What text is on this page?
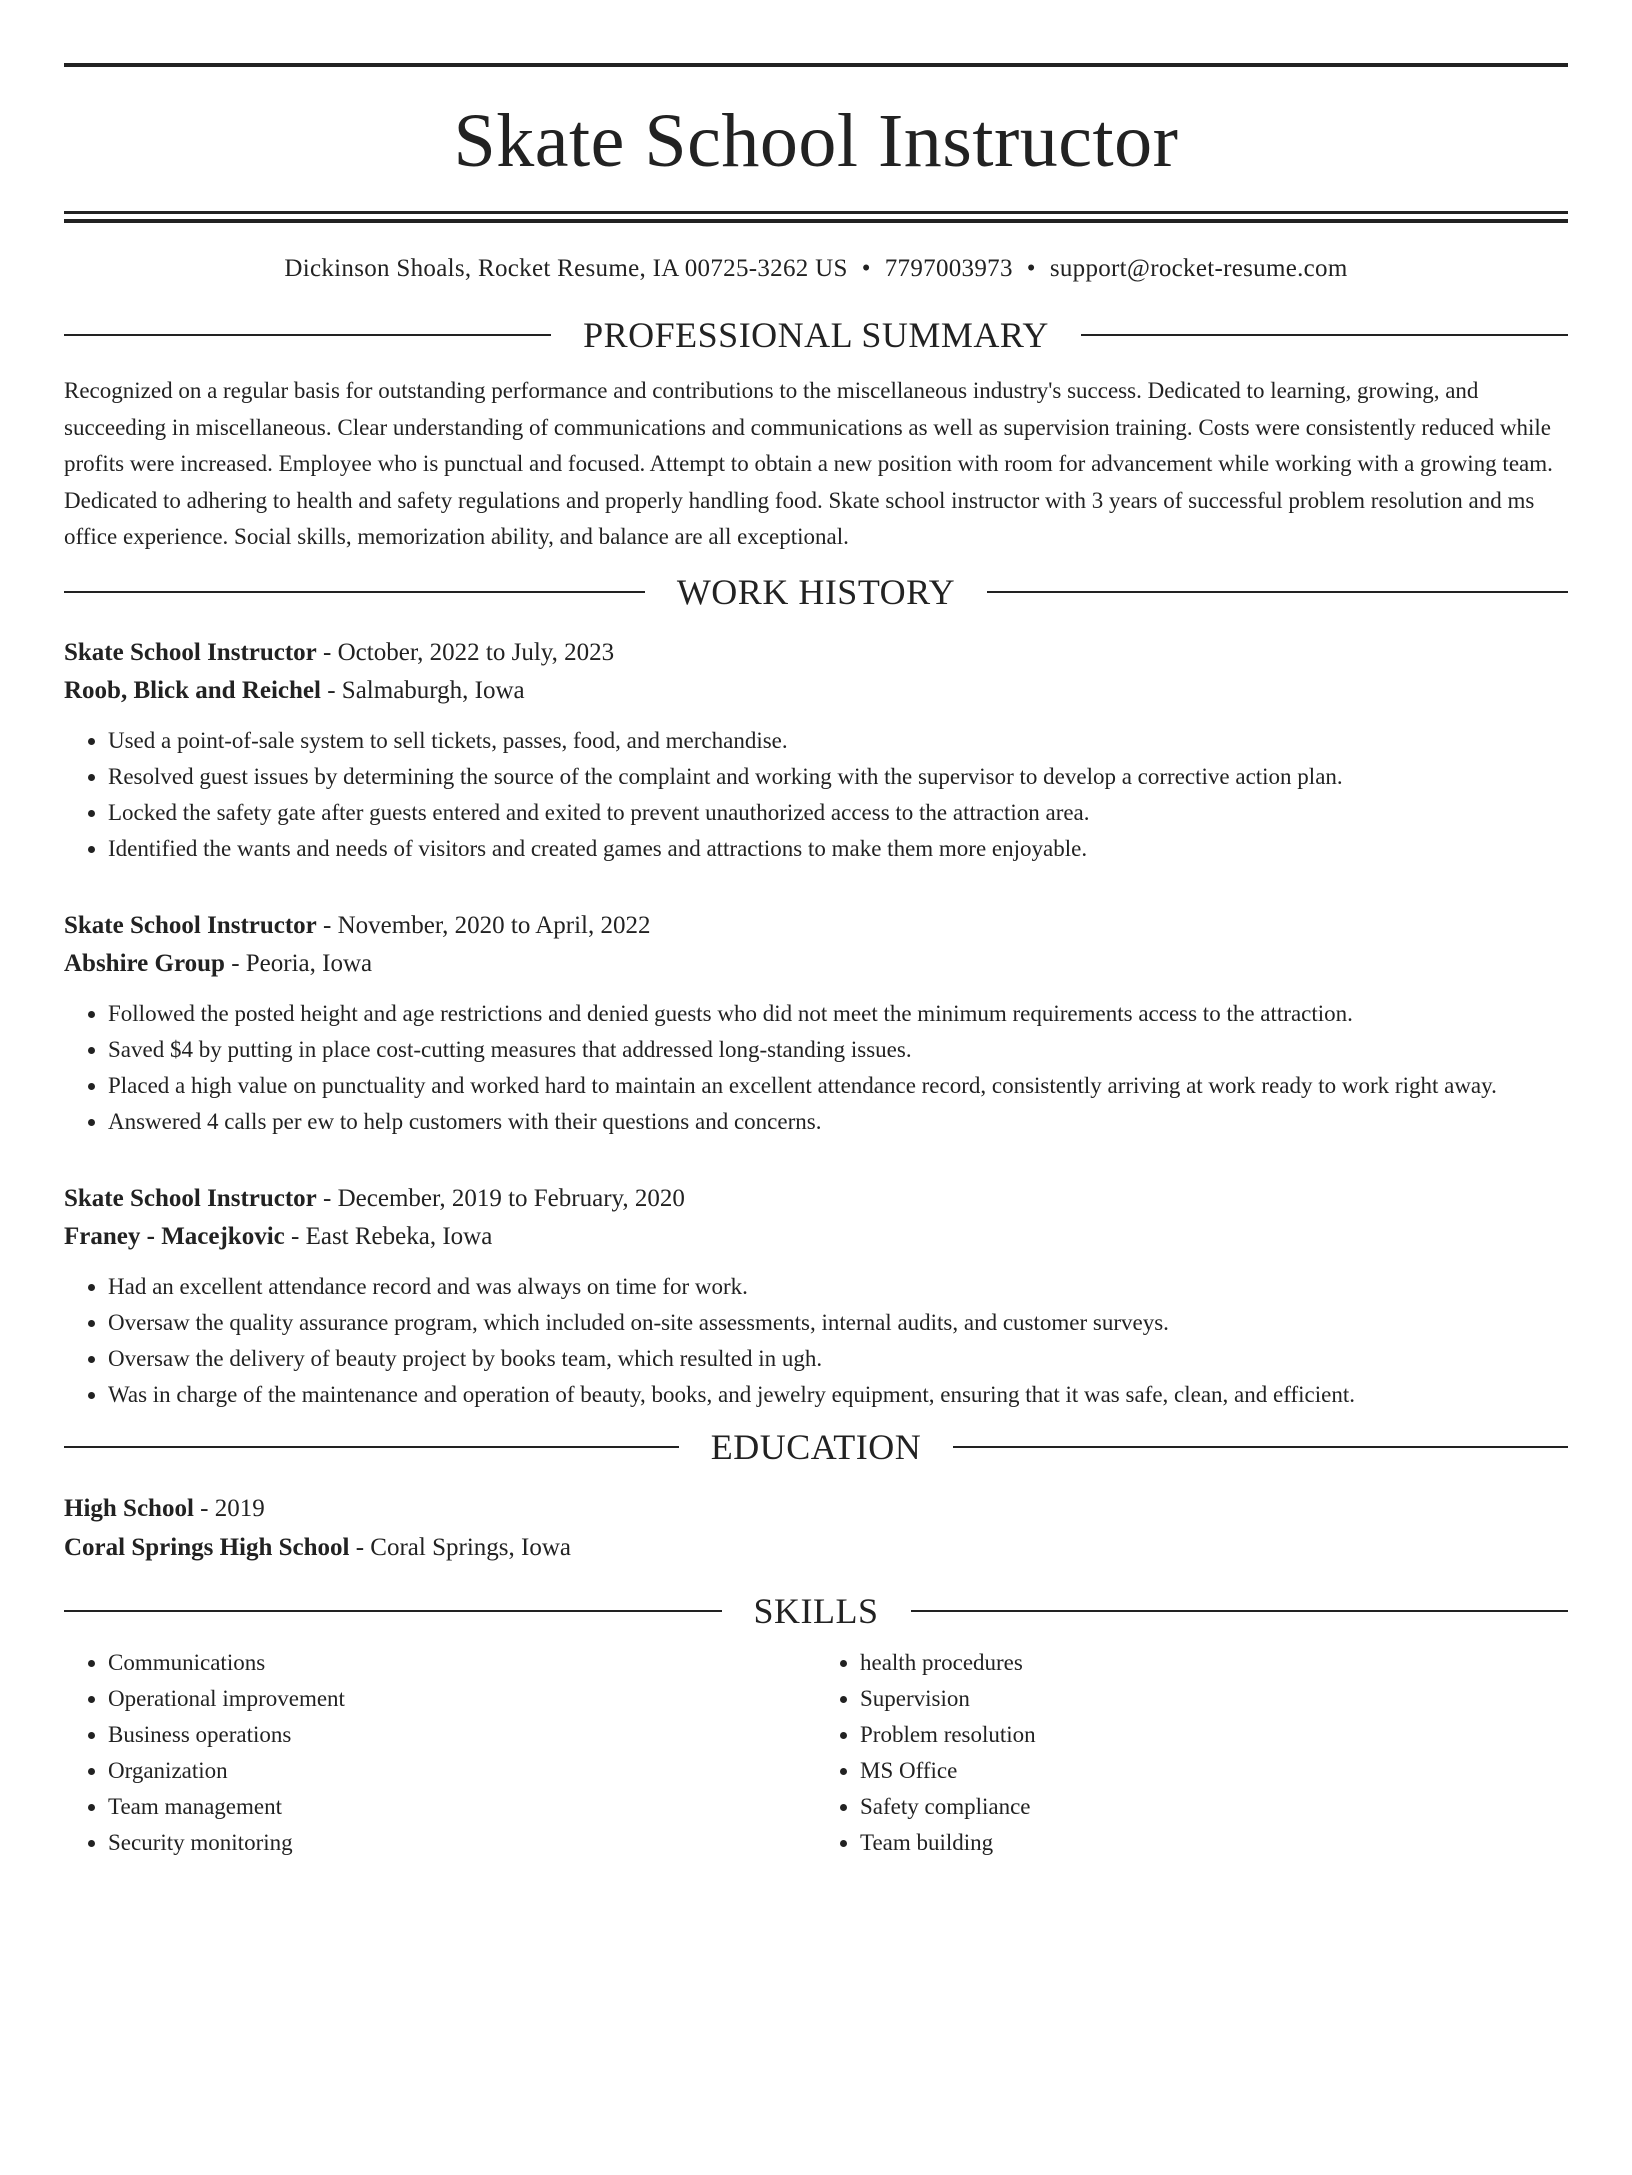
Skate School Instructor
Dickinson Shoals, Rocket Resume, IA 00725-3262 US • 7797003973 • support@rocket-resume.com
PROFESSIONAL SUMMARY
Recognized on a regular basis for outstanding performance and contributions to the miscellaneous industry's success. Dedicated to learning, growing, and succeeding in miscellaneous. Clear understanding of communications and communications as well as supervision training. Costs were consistently reduced while profits were increased. Employee who is punctual and focused. Attempt to obtain a new position with room for advancement while working with a growing team. Dedicated to adhering to health and safety regulations and properly handling food. Skate school instructor with 3 years of successful problem resolution and ms office experience. Social skills, memorization ability, and balance are all exceptional.
WORK HISTORY
Skate School Instructor - October, 2022 to July, 2023
Roob, Blick and Reichel - Salmaburgh, Iowa
• Used a point-of-sale system to sell tickets, passes, food, and merchandise.
• Resolved guest issues by determining the source of the complaint and working with the supervisor to develop a corrective action plan.
• Locked the safety gate after guests entered and exited to prevent unauthorized access to the attraction area.
• Identified the wants and needs of visitors and created games and attractions to make them more enjoyable.
Skate School Instructor - November, 2020 to April, 2022
Abshire Group - Peoria, Iowa
• Followed the posted height and age restrictions and denied guests who did not meet the minimum requirements access to the attraction.
• Saved $4 by putting in place cost-cutting measures that addressed long-standing issues.
• Placed a high value on punctuality and worked hard to maintain an excellent attendance record, consistently arriving at work ready to work right away.
• Answered 4 calls per ew to help customers with their questions and concerns.
Skate School Instructor - December, 2019 to February, 2020
Franey - Macejkovic - East Rebeka, Iowa
• Had an excellent attendance record and was always on time for work.
• Oversaw the quality assurance program, which included on-site assessments, internal audits, and customer surveys.
• Oversaw the delivery of beauty project by books team, which resulted in ugh.
• Was in charge of the maintenance and operation of beauty, books, and jewelry equipment, ensuring that it was safe, clean, and efficient.
EDUCATION
High School - 2019
Coral Springs High School - Coral Springs, Iowa
SKILLS
• Communications
• Operational improvement
• Business operations
• Organization
• Team management
• Security monitoring
• health procedures
• Supervision
• Problem resolution
• MS Office
• Safety compliance
• Team building
